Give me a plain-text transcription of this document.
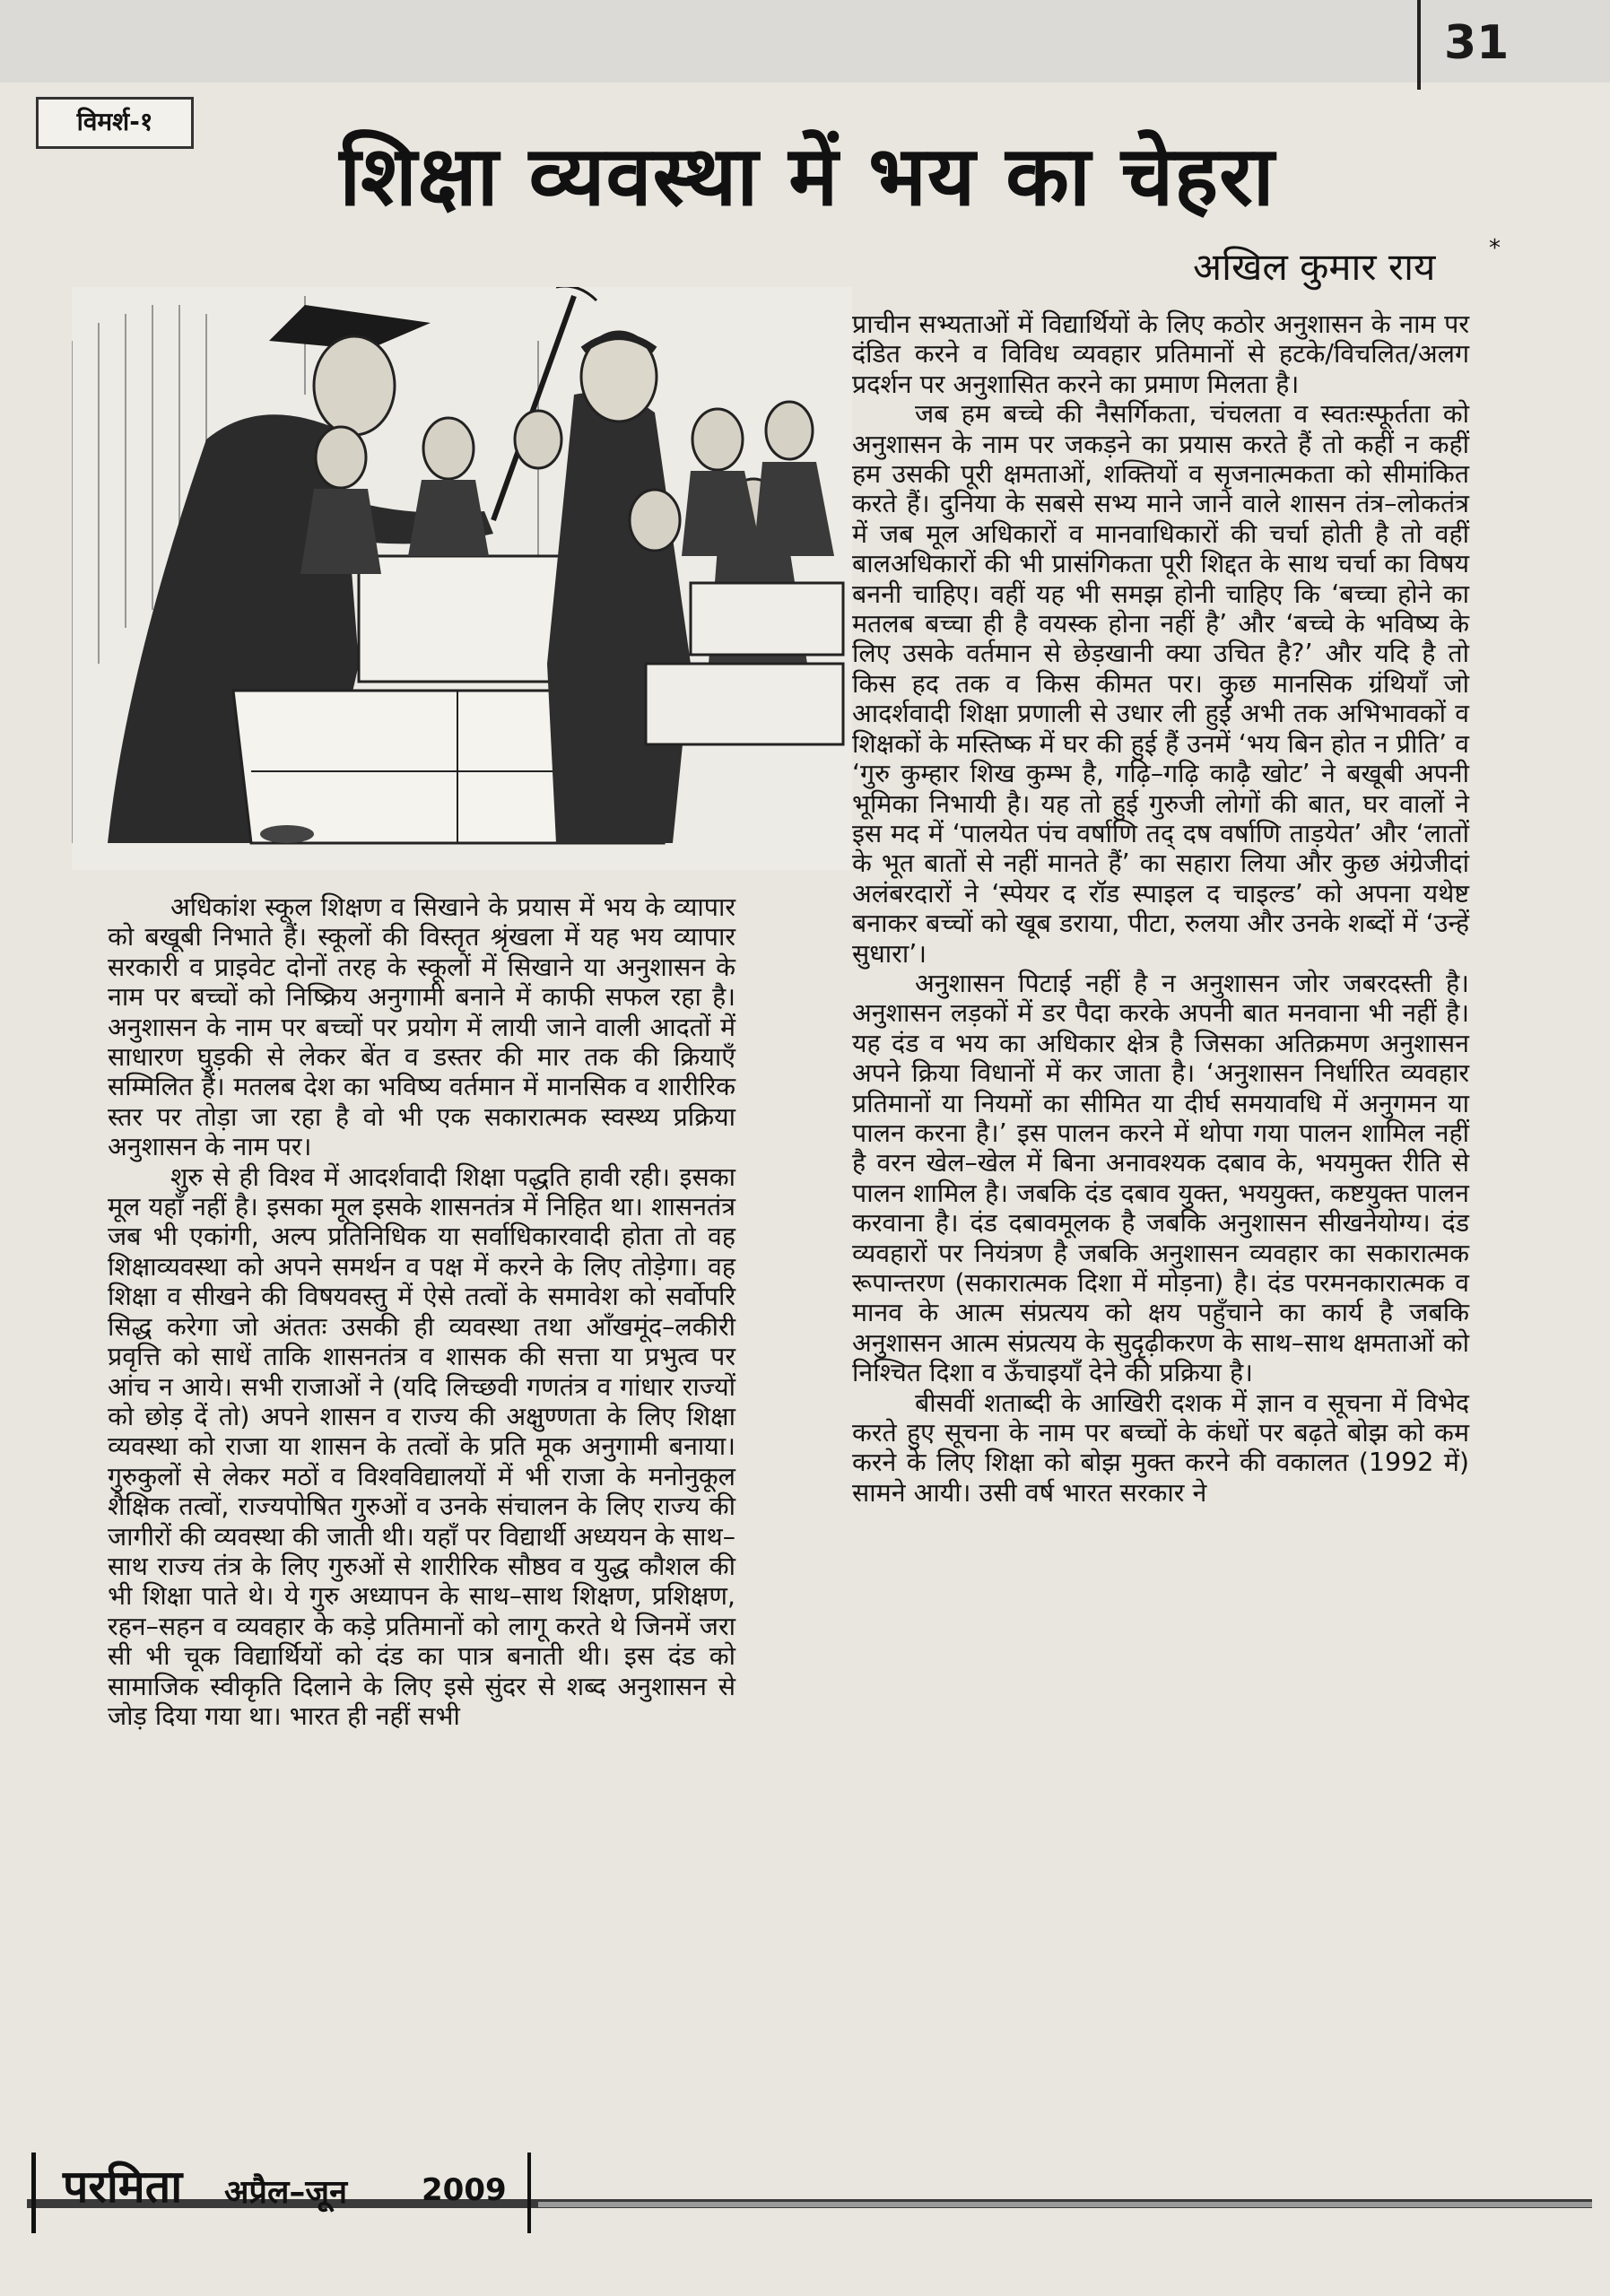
31
विमर्श-१
शिक्षा व्यवस्था में भय का चेहरा
अखिल कुमार राय *

प्राचीन सभ्यताओं में विद्यार्थियों के लिए कठोर अनुशासन के नाम पर दंडित करने व विविध व्यवहार प्रतिमानों से हटके/विचलित/अलग प्रदर्शन पर अनुशासित करने का प्रमाण मिलता है।

जब हम बच्चे की नैसर्गिकता, चंचलता व स्वतःस्फूर्तता को अनुशासन के नाम पर जकड़ने का प्रयास करते हैं तो कहीं न कहीं हम उसकी पूरी क्षमताओं, शक्तियों व सृजनात्मकता को सीमांकित करते हैं। दुनिया के सबसे सभ्य माने जाने वाले शासन तंत्र–लोकतंत्र में जब मूल अधिकारों व मानवाधिकारों की चर्चा होती है तो वहीं बालअधिकारों की भी प्रासंगिकता पूरी शिद्दत के साथ चर्चा का विषय बननी चाहिए। वहीं यह भी समझ होनी चाहिए कि ‘बच्चा होने का मतलब बच्चा ही है वयस्क होना नहीं है’ और ‘बच्चे के भविष्य के लिए उसके वर्तमान से छेड़खानी क्या उचित है?’ और यदि है तो किस हद तक व किस कीमत पर। कुछ मानसिक ग्रंथियाँ जो आदर्शवादी शिक्षा प्रणाली से उधार ली हुई अभी तक अभिभावकों व शिक्षकों के मस्तिष्क में घर की हुई हैं उनमें ‘भय बिन होत न प्रीति’ व ‘गुरु कुम्हार शिख कुम्भ है, गढ़ि–गढ़ि काढ़ै खोट’ ने बखूबी अपनी भूमिका निभायी है। यह तो हुई गुरुजी लोगों की बात, घर वालों ने इस मद में ‘पालयेत पंच वर्षाणि तद् दष वर्षाणि ताड़येत’ और ‘लातों के भूत बातों से नहीं मानते हैं’ का सहारा लिया और कुछ अंग्रेजीदां अलंबरदारों ने ‘स्पेयर द रॉड स्पाइल द चाइल्ड’ को अपना यथेष्ट बनाकर बच्चों को खूब डराया, पीटा, रुलया और उनके शब्दों में ‘उन्हें सुधारा’।

अनुशासन पिटाई नहीं है न अनुशासन जोर जबरदस्ती है। अनुशासन लड़कों में डर पैदा करके अपनी बात मनवाना भी नहीं है। यह दंड व भय का अधिकार क्षेत्र है जिसका अतिक्रमण अनुशासन अपने क्रिया विधानों में कर जाता है। ‘अनुशासन निर्धारित व्यवहार प्रतिमानों या नियमों का सीमित या दीर्घ समयावधि में अनुगमन या पालन करना है।’ इस पालन करने में थोपा गया पालन शामिल नहीं है वरन खेल–खेल में बिना अनावश्यक दबाव के, भयमुक्त रीति से पालन शामिल है। जबकि दंड दबाव युक्त, भययुक्त, कष्टयुक्त पालन करवाना है। दंड दबावमूलक है जबकि अनुशासन सीखनेयोग्य। दंड व्यवहारों पर नियंत्रण है जबकि अनुशासन व्यवहार का सकारात्मक रूपान्तरण (सकारात्मक दिशा में मोड़ना) है। दंड परमनकारात्मक व मानव के आत्म संप्रत्यय को क्षय पहुँचाने का कार्य है जबकि अनुशासन आत्म संप्रत्यय के सुदृढ़ीकरण के साथ–साथ क्षमताओं को निश्चित दिशा व ऊँचाइयाँ देने की प्रक्रिया है।

बीसवीं शताब्दी के आखिरी दशक में ज्ञान व सूचना में विभेद करते हुए सूचना के नाम पर बच्चों के कंधों पर बढ़ते बोझ को कम करने के लिए शिक्षा को बोझ मुक्त करने की वकालत (1992 में) सामने आयी। उसी वर्ष भारत सरकार ने

अधिकांश स्कूल शिक्षण व सिखाने के प्रयास में भय के व्यापार को बखूबी निभाते हैं। स्कूलों की विस्तृत श्रृंखला में यह भय व्यापार सरकारी व प्राइवेट दोनों तरह के स्कूलों में सिखाने या अनुशासन के नाम पर बच्चों को निष्क्रिय अनुगामी बनाने में काफी सफल रहा है। अनुशासन के नाम पर बच्चों पर प्रयोग में लायी जाने वाली आदतों में साधारण घुड़की से लेकर बेंत व डस्तर की मार तक की क्रियाएँ सम्मिलित हैं। मतलब देश का भविष्य वर्तमान में मानसिक व शारीरिक स्तर पर तोड़ा जा रहा है वो भी एक सकारात्मक स्वस्थ्य प्रक्रिया अनुशासन के नाम पर।

शुरु से ही विश्व में आदर्शवादी शिक्षा पद्धति हावी रही। इसका मूल यहाँ नहीं है। इसका मूल इसके शासनतंत्र में निहित था। शासनतंत्र जब भी एकांगी, अल्प प्रतिनिधिक या सर्वाधिकारवादी होता तो वह शिक्षाव्यवस्था को अपने समर्थन व पक्ष में करने के लिए तोड़ेगा। वह शिक्षा व सीखने की विषयवस्तु में ऐसे तत्वों के समावेश को सर्वोपरि सिद्ध करेगा जो अंततः उसकी ही व्यवस्था तथा आँखमूंद–लकीरी प्रवृत्ति को साधें ताकि शासनतंत्र व शासक की सत्ता या प्रभुत्व पर आंच न आये। सभी राजाओं ने (यदि लिच्छवी गणतंत्र व गांधार राज्यों को छोड़ दें तो) अपने शासन व राज्य की अक्षुण्णता के लिए शिक्षा व्यवस्था को राजा या शासन के तत्वों के प्रति मूक अनुगामी बनाया। गुरुकुलों से लेकर मठों व विश्वविद्यालयों में भी राजा के मनोनुकूल शैक्षिक तत्वों, राज्यपोषित गुरुओं व उनके संचालन के लिए राज्य की जागीरों की व्यवस्था की जाती थी। यहाँ पर विद्यार्थी अध्ययन के साथ–साथ राज्य तंत्र के लिए गुरुओं से शारीरिक सौष्ठव व युद्ध कौशल की भी शिक्षा पाते थे। ये गुरु अध्यापन के साथ–साथ शिक्षण, प्रशिक्षण, रहन–सहन व व्यवहार के कड़े प्रतिमानों को लागू करते थे जिनमें जरा सी भी चूक विद्यार्थियों को दंड का पात्र बनाती थी। इस दंड को सामाजिक स्वीकृति दिलाने के लिए इसे सुंदर से शब्द अनुशासन से जोड़ दिया गया था। भारत ही नहीं सभी

परमिता अप्रैल–जून 2009
